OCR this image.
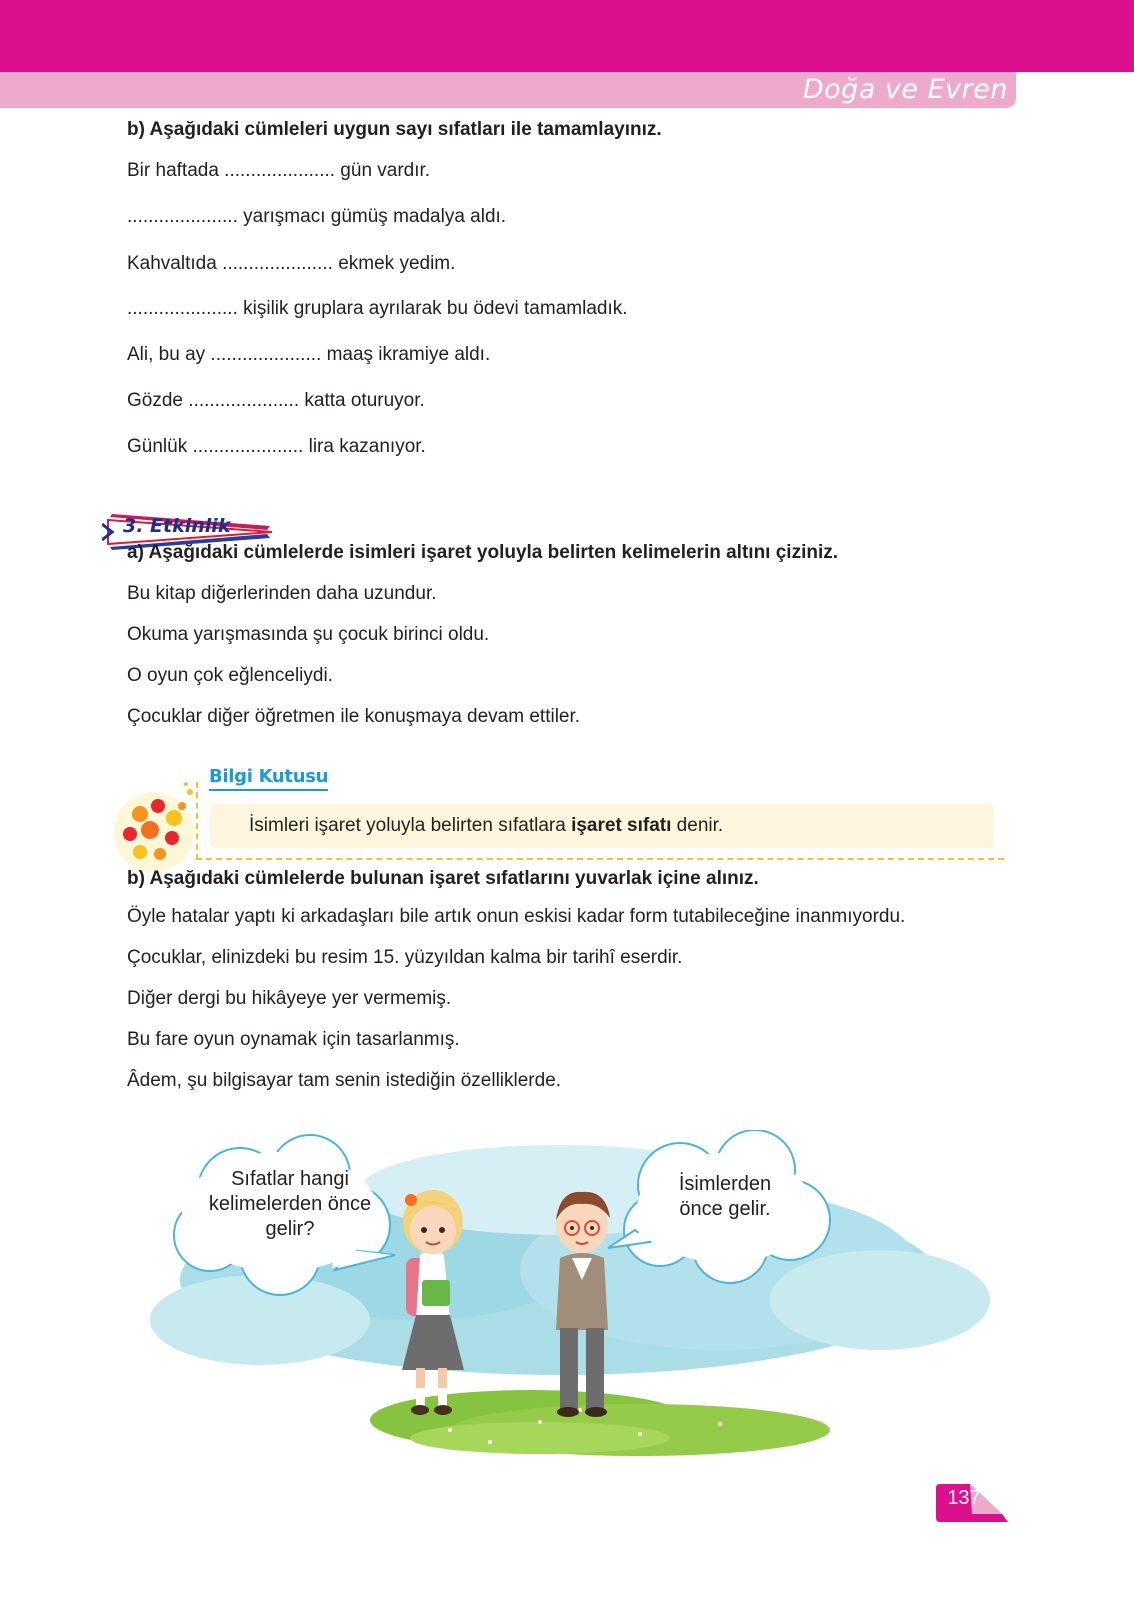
Doğa ve Evren
b) Aşağıdaki cümleleri uygun sayı sıfatları ile tamamlayınız.
Bir haftada ..................... gün vardır.
..................... yarışmacı gümüş madalya aldı.
Kahvaltıda ..................... ekmek yedim.
..................... kişilik gruplara ayrılarak bu ödevi tamamladık.
Ali, bu ay ..................... maaş ikramiye aldı.
Gözde ..................... katta oturuyor.
Günlük ..................... lira kazanıyor.
3. Etkinlik
a) Aşağıdaki cümlelerde isimleri işaret yoluyla belirten kelimelerin altını çiziniz.
Bu kitap diğerlerinden daha uzundur.
Okuma yarışmasında şu çocuk birinci oldu.
O oyun çok eğlenceliydi.
Çocuklar diğer öğretmen ile konuşmaya devam ettiler.
Bilgi Kutusu
İsimleri işaret yoluyla belirten sıfatlara işaret sıfatı denir.
b) Aşağıdaki cümlelerde bulunan işaret sıfatlarını yuvarlak içine alınız.
Öyle hatalar yaptı ki arkadaşları bile artık onun eskisi kadar form tutabileceğine inanmıyordu.
Çocuklar, elinizdeki bu resim 15. yüzyıldan kalma bir tarihî eserdir.
Diğer dergi bu hikâyeye yer vermemiş.
Bu fare oyun oynamak için tasarlanmış.
Âdem, şu bilgisayar tam senin istediğin özelliklerde.
Sıfatlar hangi
kelimelerden önce
gelir?
İsimlerden
önce gelir.
137
